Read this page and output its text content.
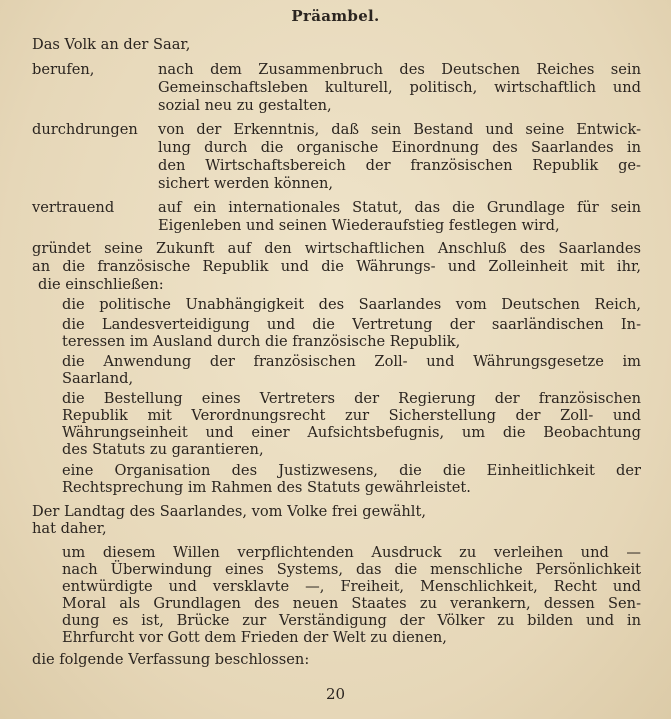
Präambel.
Das Volk an der Saar,
berufen,	nach dem Zusammenbruch des Deutschen Reiches sein
Gemeinschaftsleben kulturell, politisch, wirtschaftlich und
sozial neu zu gestalten,
durchdrungen von der Erkenntnis, daß sein Bestand und seine Entwick-
lung durch die organische Einordnung des Saarlandes in
den Wirtschaftsbereich der französischen Republik ge-
sichert werden können,
vertrauend	auf ein internationales Statut, das die Grundlage für sein
Eigenleben und seinen Wiederaufstieg festlegen wird,
gründet seine Zukunft auf den wirtschaftlichen Anschluß des Saarlandes
an die französische Republik und die Währungs- und Zolleinheit mit ihr,
die einschließen:
die politische Unabhängigkeit des Saarlandes vom Deutschen Reich,
die Landesverteidigung und die Vertretung der saarländischen In-
teressen im Ausland durch die französische Republik,
die Anwendung der französischen Zoll- und Währungsgesetze im
Saarland,
die Bestellung eines Vertreters der Regierung der französischen
Republik mit Verordnungsrecht zur Sicherstellung der Zoll- und
Währungseinheit und einer Aufsichtsbefugnis, um die Beobachtung
des Statuts zu garantieren,
eine Organisation des Justizwesens, die die Einheitlichkeit der
Rechtsprechung im Rahmen des Statuts gewährleistet.
Der Landtag des Saarlandes, vom Volke frei gewählt,
hat daher,
um diesem Willen verpflichtenden Ausdruck zu verleihen und —
nach Überwindung eines Systems, das die menschliche Persönlichkeit
entwürdigte und versklavte —, Freiheit, Menschlichkeit, Recht und
Moral als Grundlagen des neuen Staates zu verankern, dessen Sen-
dung es ist, Brücke zur Verständigung der Völker zu bilden und in
Ehrfurcht vor Gott dem Frieden der Welt zu dienen,
die folgende Verfassung beschlossen:
20
